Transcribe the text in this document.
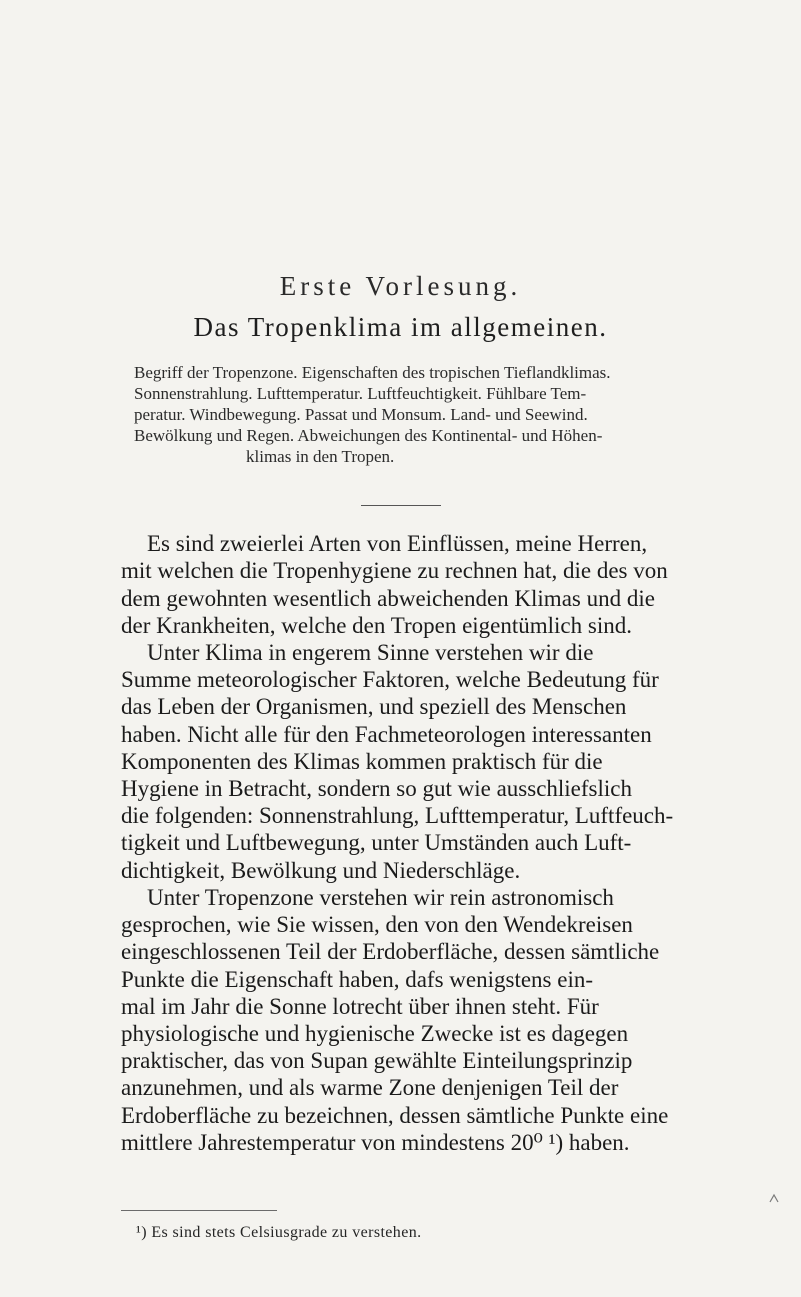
Erste Vorlesung.
Das Tropenklima im allgemeinen.
Begriff der Tropenzone. Eigenschaften des tropischen Tieflandklimas.
Sonnenstrahlung. Lufttemperatur. Luftfeuchtigkeit. Fühlbare Tem-
peratur. Windbewegung. Passat und Monsum. Land- und Seewind.
Bewölkung und Regen. Abweichungen des Kontinental- und Höhen-
klimas in den Tropen.
Es sind zweierlei Arten von Einflüssen, meine Herren,
mit welchen die Tropenhygiene zu rechnen hat, die des von
dem gewohnten wesentlich abweichenden Klimas und die
der Krankheiten, welche den Tropen eigentümlich sind.
Unter Klima in engerem Sinne verstehen wir die
Summe meteorologischer Faktoren, welche Bedeutung für
das Leben der Organismen, und speziell des Menschen
haben. Nicht alle für den Fachmeteorologen interessanten
Komponenten des Klimas kommen praktisch für die
Hygiene in Betracht, sondern so gut wie ausschliefslich
die folgenden: Sonnenstrahlung, Lufttemperatur, Luftfeuch-
tigkeit und Luftbewegung, unter Umständen auch Luft-
dichtigkeit, Bewölkung und Niederschläge.
Unter Tropenzone verstehen wir rein astronomisch
gesprochen, wie Sie wissen, den von den Wendekreisen
eingeschlossenen Teil der Erdoberfläche, dessen sämtliche
Punkte die Eigenschaft haben, dafs wenigstens ein-
mal im Jahr die Sonne lotrecht über ihnen steht. Für
physiologische und hygienische Zwecke ist es dagegen
praktischer, das von Supan gewählte Einteilungsprinzip
anzunehmen, und als warme Zone denjenigen Teil der
Erdoberfläche zu bezeichnen, dessen sämtliche Punkte eine
mittlere Jahrestemperatur von mindestens 20⁰ ¹) haben.
¹) Es sind stets Celsiusgrade zu verstehen.
